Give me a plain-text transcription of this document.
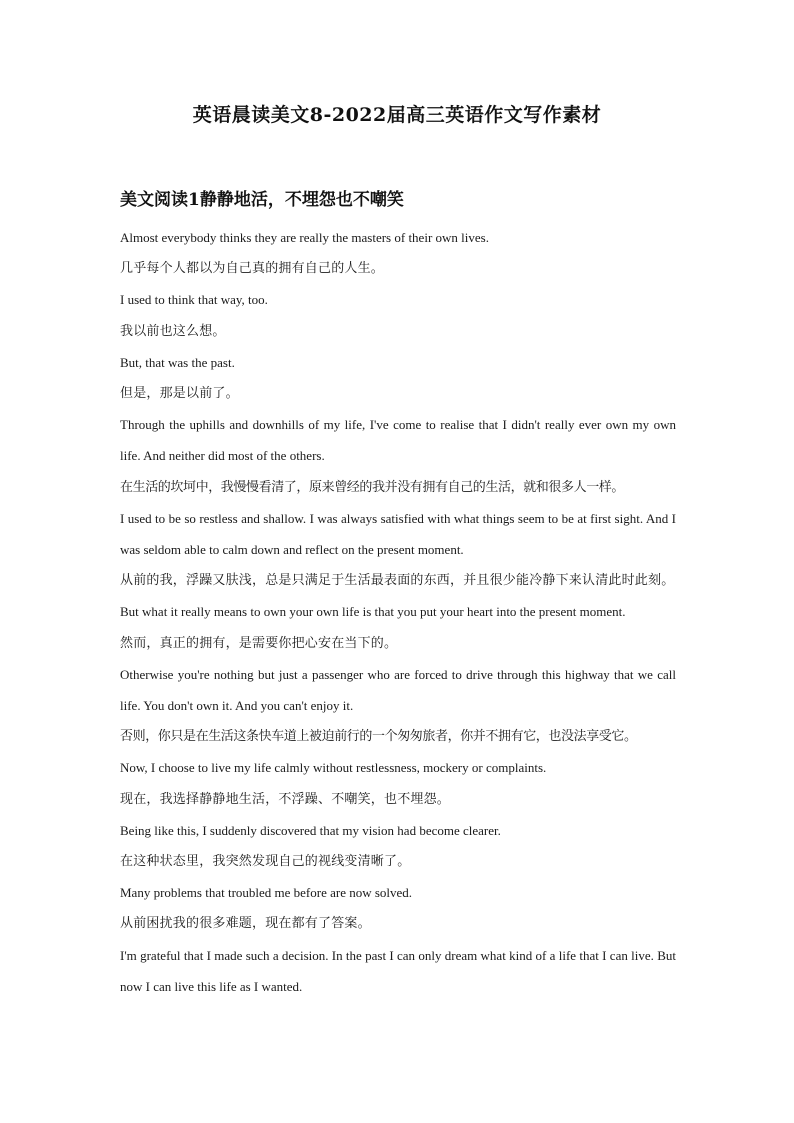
英语晨读美文8-2022届高三英语作文写作素材
美文阅读1静静地活，不埋怨也不嘲笑

Almost everybody thinks they are really the masters of their own lives.

几乎每个人都以为自己真的拥有自己的人生。

I used to think that way, too.

我以前也这么想。

But, that was the past.

但是，那是以前了。

Through the uphills and downhills of my life, I've come to realise that I didn't really ever own my own life. And neither did most of the others.

在生活的坎坷中，我慢慢看清了，原来曾经的我并没有拥有自己的生活，就和很多人一样。

I used to be so restless and shallow. I was always satisfied with what things seem to be at first sight. And I was seldom able to calm down and reflect on the present moment.

从前的我，浮躁又肤浅，总是只满足于生活最表面的东西，并且很少能冷静下来认清此时此刻。

But what it really means to own your own life is that you put your heart into the present moment.

然而，真正的拥有，是需要你把心安在当下的。

Otherwise you're nothing but just a passenger who are forced to drive through this highway that we call life. You don't own it. And you can't enjoy it.

否则，你只是在生活这条快车道上被迫前行的一个匆匆旅者，你并不拥有它，也没法享受它。

Now, I choose to live my life calmly without restlessness, mockery or complaints.

现在，我选择静静地生活，不浮躁、不嘲笑，也不埋怨。

Being like this, I suddenly discovered that my vision had become clearer.

在这种状态里，我突然发现自己的视线变清晰了。

Many problems that troubled me before are now solved.

从前困扰我的很多难题，现在都有了答案。

I'm grateful that I made such a decision. In the past I can only dream what kind of a life that I can live. But now I can live this life as I wanted.
